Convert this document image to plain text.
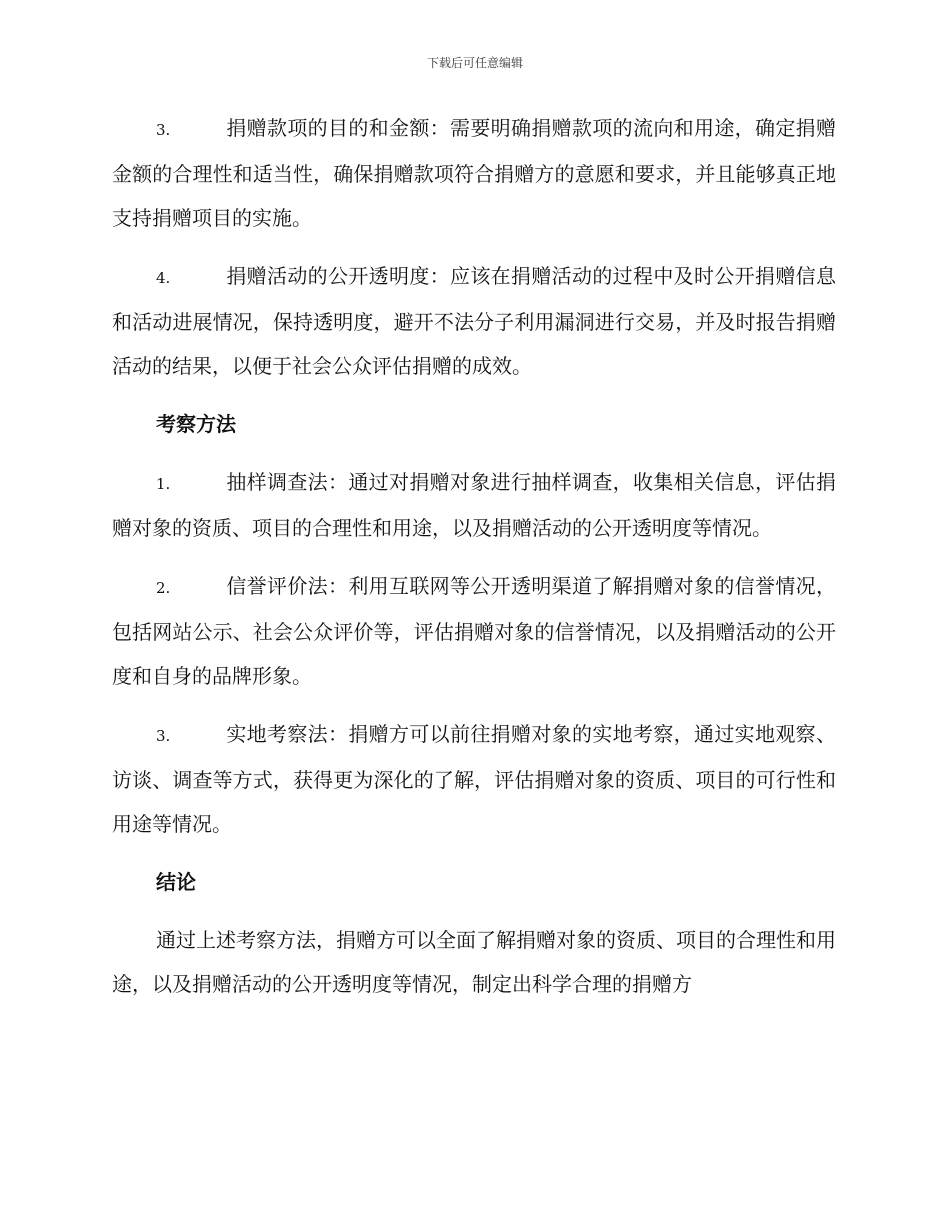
下载后可任意编辑

3.	捐赠款项的目的和金额：需要明确捐赠款项的流向和用途，确定捐赠金额的合理性和适当性，确保捐赠款项符合捐赠方的意愿和要求，并且能够真正地支持捐赠项目的实施。

4.	捐赠活动的公开透明度：应该在捐赠活动的过程中及时公开捐赠信息和活动进展情况，保持透明度，避开不法分子利用漏洞进行交易，并及时报告捐赠活动的结果，以便于社会公众评估捐赠的成效。

考察方法

1.	抽样调查法：通过对捐赠对象进行抽样调查，收集相关信息，评估捐赠对象的资质、项目的合理性和用途，以及捐赠活动的公开透明度等情况。

2.	信誉评价法：利用互联网等公开透明渠道了解捐赠对象的信誉情况，包括网站公示、社会公众评价等，评估捐赠对象的信誉情况，以及捐赠活动的公开度和自身的品牌形象。

3.	实地考察法：捐赠方可以前往捐赠对象的实地考察，通过实地观察、访谈、调查等方式，获得更为深化的了解，评估捐赠对象的资质、项目的可行性和用途等情况。

结论

通过上述考察方法，捐赠方可以全面了解捐赠对象的资质、项目的合理性和用途，以及捐赠活动的公开透明度等情况，制定出科学合理的捐赠方
